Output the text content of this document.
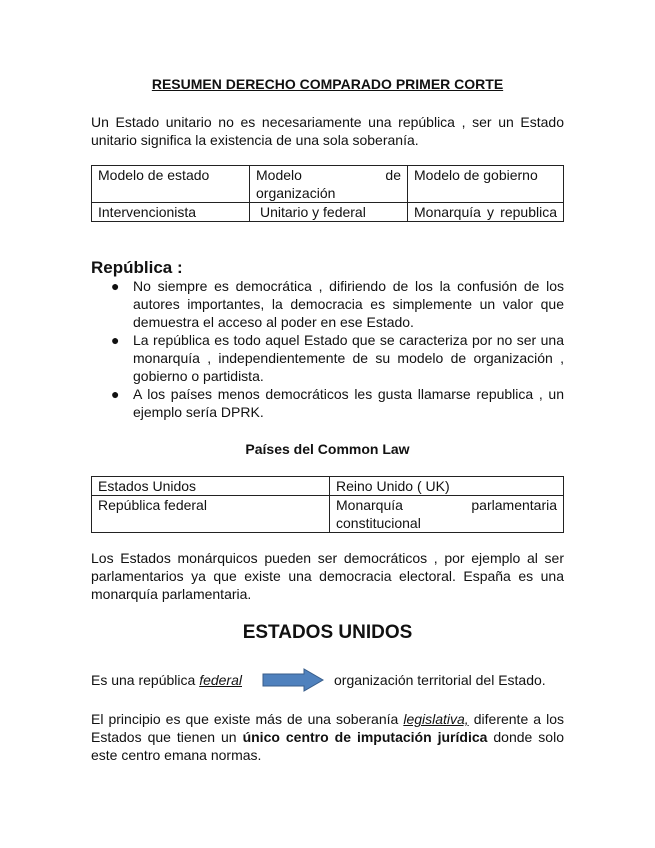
RESUMEN DERECHO COMPARADO PRIMER CORTE
Un Estado unitario no es necesariamente una república , ser un Estado unitario significa la existencia de una sola soberanía.
Modelo de estado	Modelo de organización	Modelo de gobierno
Intervencionista	Unitario y federal	Monarquía y republica
República :
● No siempre es democrática , difiriendo de los la confusión de los autores importantes, la democracia es simplemente un valor que demuestra el acceso al poder en ese Estado.
● La república es todo aquel Estado que se caracteriza por no ser una monarquía , independientemente de su modelo de organización , gobierno o partidista.
● A los países menos democráticos les gusta llamarse republica , un ejemplo sería DPRK.
Países del Common Law
Estados Unidos	Reino Unido ( UK)
República federal	Monarquía parlamentaria constitucional
Los Estados monárquicos pueden ser democráticos , por ejemplo al ser parlamentarios ya que existe una democracia electoral. España es una monarquía parlamentaria.
ESTADOS UNIDOS
Es una república federal	organización territorial del Estado.
El principio es que existe más de una soberanía legislativa, diferente a los Estados que tienen un único centro de imputación jurídica donde solo este centro emana normas.
